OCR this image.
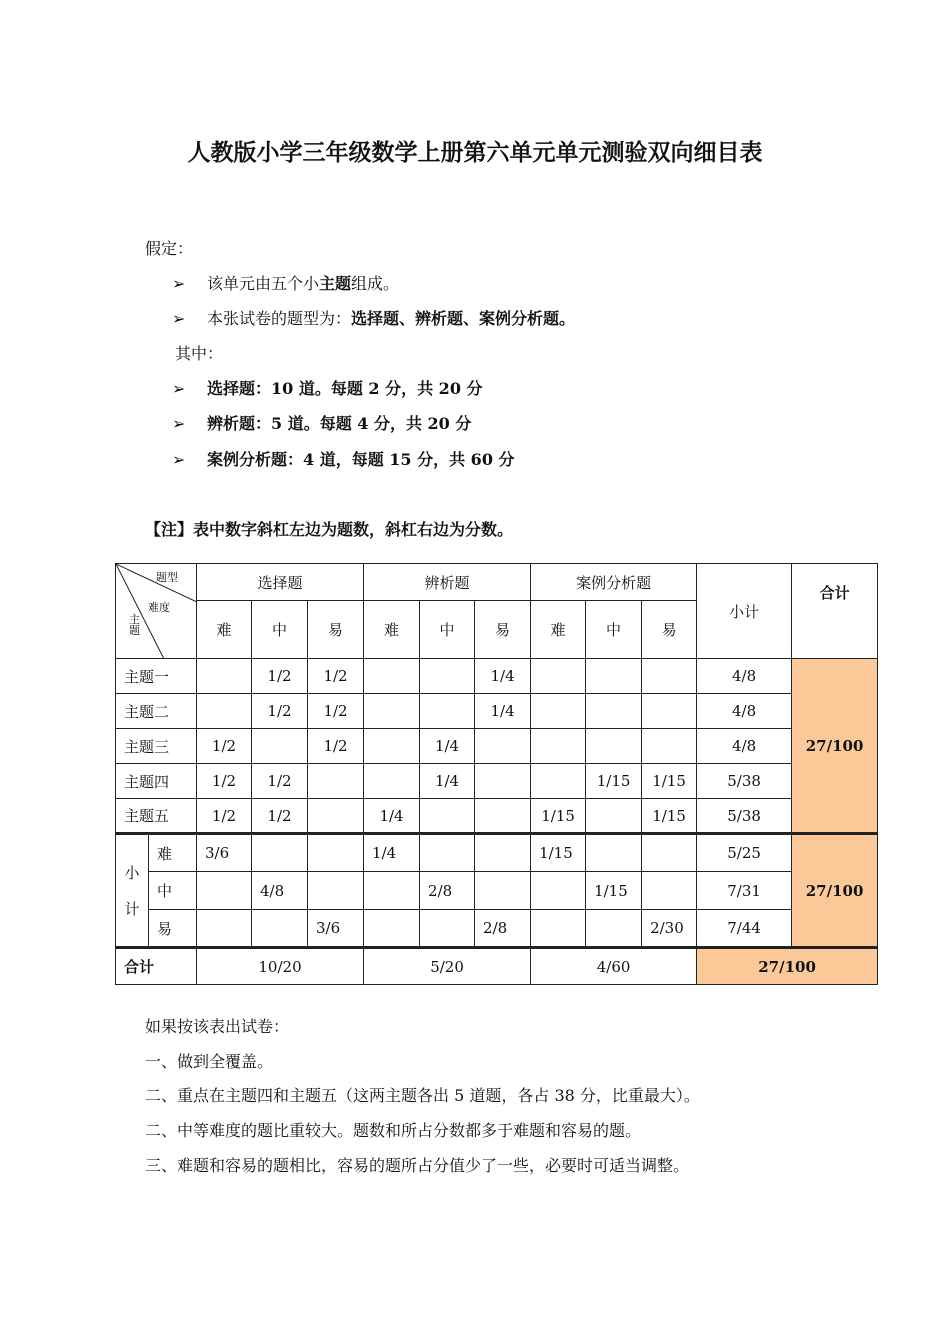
人教版小学三年级数学上册第六单元单元测验双向细目表
假定：
➢ 该单元由五个小主题组成。
➢ 本张试卷的题型为：选择题、辨析题、案例分析题。
其中：
➢ 选择题：10 道。每题 2 分，共 20 分
➢ 辨析题：5 道。每题 4 分，共 20 分
➢ 案例分析题：4 道，每题 15 分，共 60 分
【注】表中数字斜杠左边为题数，斜杠右边为分数。
题型
难度
主题		选择题			辨析题			案例分析题			小计	合计
		难	中	易	难	中	易	难	中	易		
主题一			1/2	1/2			1/4				4/8	27/100
主题二			1/2	1/2			1/4				4/8	
主题三		1/2		1/2		1/4					4/8	
主题四		1/2	1/2			1/4			1/15	1/15	5/38	
主题五		1/2	1/2		1/4			1/15		1/15	5/38	
小
计	难	3/6			1/4			1/15			5/25	27/100
	中		4/8			2/8			1/15		7/31	
	易			3/6			2/8			2/30	7/44	
合计		10/20			5/20			4/60			27/100	
如果按该表出试卷：
一、做到全覆盖。
二、重点在主题四和主题五（这两主题各出 5 道题，各占 38 分，比重最大）。
二、中等难度的题比重较大。题数和所占分数都多于难题和容易的题。
三、难题和容易的题相比，容易的题所占分值少了一些，必要时可适当调整。
